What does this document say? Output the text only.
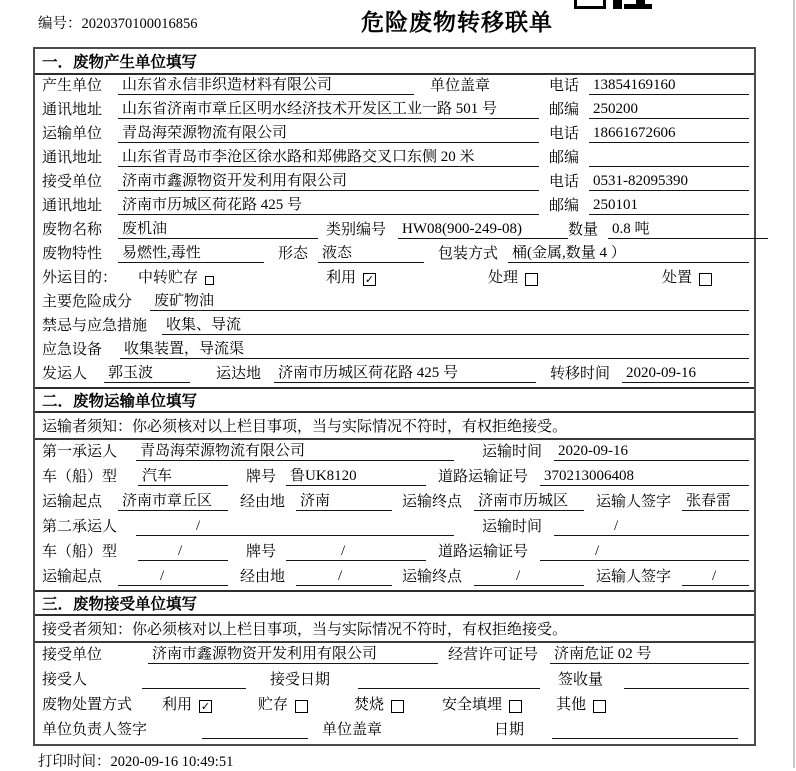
编号：2020370100016856	危险废物转移联单
一．废物产生单位填写
产生单位 山东省永信非织造材料有限公司	单位盖章	电话 13854169160
通讯地址 山东省济南市章丘区明水经济技术开发区工业一路 501 号	邮编 250200
运输单位 青岛海荣源物流有限公司	电话 18661672606
通讯地址 山东省青岛市李沧区徐水路和郑佛路交叉口东侧 20 米	邮编
接受单位 济南市鑫源物资开发利用有限公司	电话 0531-82095390
通讯地址 济南市历城区荷花路 425 号	邮编 250101
废物名称 废机油	类别编号 HW08(900-249-08)	数量 0.8 吨
废物特性 易燃性,毒性	形态 液态	包装方式 桶(金属,数量 4 ）
外运目的：	中转贮存	利用 ✓	处理	处置
主要危险成分 废矿物油
禁忌与应急措施	收集、导流
应急设备 收集装置，导流渠
发运人 郭玉波	运达地 济南市历城区荷花路 425 号	转移时间 2020-09-16
二．废物运输单位填写
运输者须知：你必须核对以上栏目事项，当与实际情况不符时，有权拒绝接受。
第一承运人	青岛海荣源物流有限公司	运输时间 2020-09-16
车（船）型	汽车	牌号 鲁UK8120	道路运输证号 370213006408
运输起点 济南市章丘区	经由地 济南	运输终点 济南市历城区	运输人签字 张春雷
第二承运人	/	运输时间	/
车（船）型	/	牌号	/	道路运输证号	/
运输起点	/	经由地	/	运输终点	/	运输人签字	/
三．废物接受单位填写
接受者须知：你必须核对以上栏目事项，当与实际情况不符时，有权拒绝接受。
接受单位	济南市鑫源物资开发利用有限公司	经营许可证号 济南危证 02 号
接受人	接受日期	签收量
废物处置方式 利用 ✓	贮存	焚烧	安全填埋	其他
单位负责人签字	单位盖章	日期
打印时间：2020-09-16 10:49:51
